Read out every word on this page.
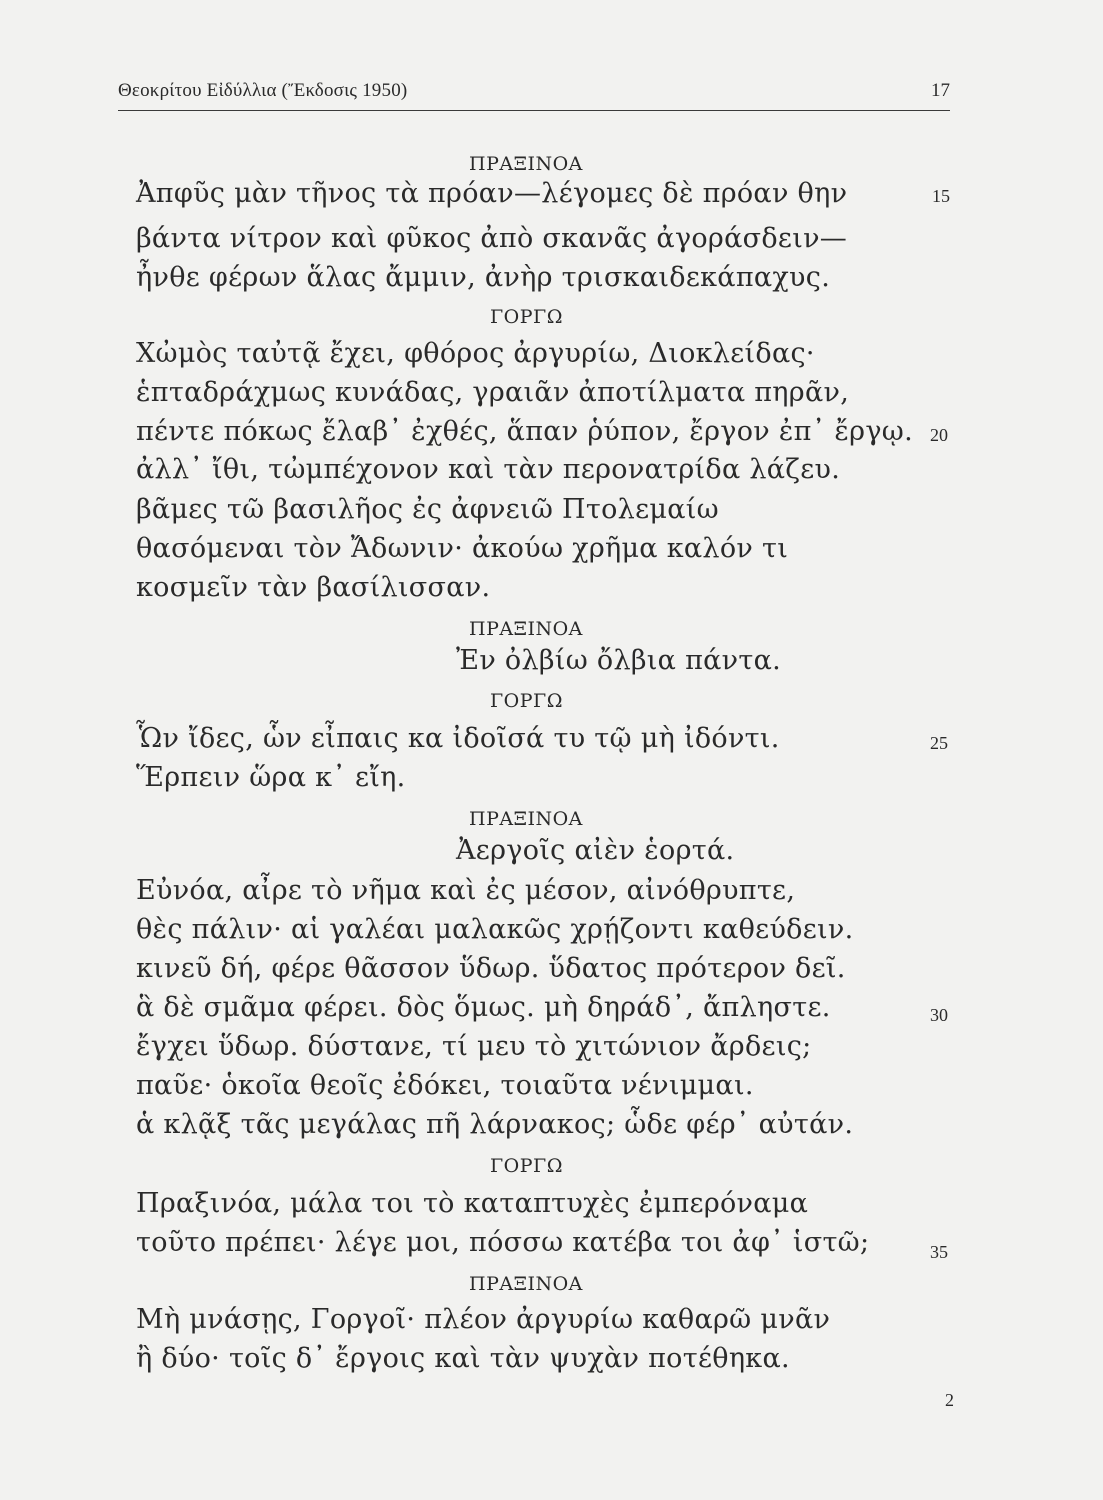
Θεοκρίτου Εἰδύλλια (Ἔκδοσις 1950)	17
ΠΡΑΞΙΝΟΑ
Ἀπφῦς μὰν τῆνος τὰ πρόαν—λέγομες δὲ πρόαν θην	15
βάντα νίτρον καὶ φῦκος ἀπὸ σκανᾶς ἀγοράσδειν—
ἦνθε φέρων ἅλας ἄμμιν, ἀνὴρ τρισκαιδεκάπαχυς.
ΓΟΡΓΩ
Χὠμὸς ταὐτᾷ ἔχει, φθόρος ἀργυρίω, Διοκλείδας·
ἑπταδράχμως κυνάδας, γραιᾶν ἀποτίλματα πηρᾶν,
πέντε πόκως ἔλαβ᾽ ἐχθές, ἅπαν ῥύπον, ἔργον ἐπ᾽ ἔργῳ. 20
ἀλλ᾽ ἴθι, τὠμπέχονον καὶ τὰν περονατρίδα λάζευ.
βᾶμες τῶ βασιλῆος ἐς ἀφνειῶ Πτολεμαίω
θασόμεναι τὸν Ἄδωνιν· ἀκούω χρῆμα καλόν τι
κοσμεῖν τὰν βασίλισσαν.
ΠΡΑΞΙΝΟΑ
Ἐν ὀλβίω ὄλβια πάντα.
ΓΟΡΓΩ
Ὧν ἴδες, ὧν εἶπαις κα ἰδοῖσά τυ τῷ μὴ ἰδόντι.	25
Ἕρπειν ὥρα κ᾽ εἴη.
ΠΡΑΞΙΝΟΑ
Ἀεργοῖς αἰὲν ἑορτά.
Εὐνόα, αἶρε τὸ νῆμα καὶ ἐς μέσον, αἰνόθρυπτε,
θὲς πάλιν· αἱ γαλέαι μαλακῶς χρῄζοντι καθεύδειν.
κινεῦ δή, φέρε θᾶσσον ὕδωρ. ὕδατος πρότερον δεῖ.
ἃ δὲ σμᾶμα φέρει. δὸς ὅμως. μὴ δηράδ᾽, ἄπληστε.	30
ἔγχει ὕδωρ. δύστανε, τί μευ τὸ χιτώνιον ἄρδεις;
παῦε· ὁκοῖα θεοῖς ἐδόκει, τοιαῦτα νένιμμαι.
ἁ κλᾷξ τᾶς μεγάλας πῆ λάρνακος; ὧδε φέρ᾽ αὐτάν.
ΓΟΡΓΩ
Πραξινόα, μάλα τοι τὸ καταπτυχὲς ἐμπερόναμα
τοῦτο πρέπει· λέγε μοι, πόσσω κατέβα τοι ἀφ᾽ ἱστῶ;	35
ΠΡΑΞΙΝΟΑ
Μὴ μνάσῃς, Γοργοῖ· πλέον ἀργυρίω καθαρῶ μνᾶν
ἢ δύο· τοῖς δ᾽ ἔργοις καὶ τὰν ψυχὰν ποτέθηκα.
2
